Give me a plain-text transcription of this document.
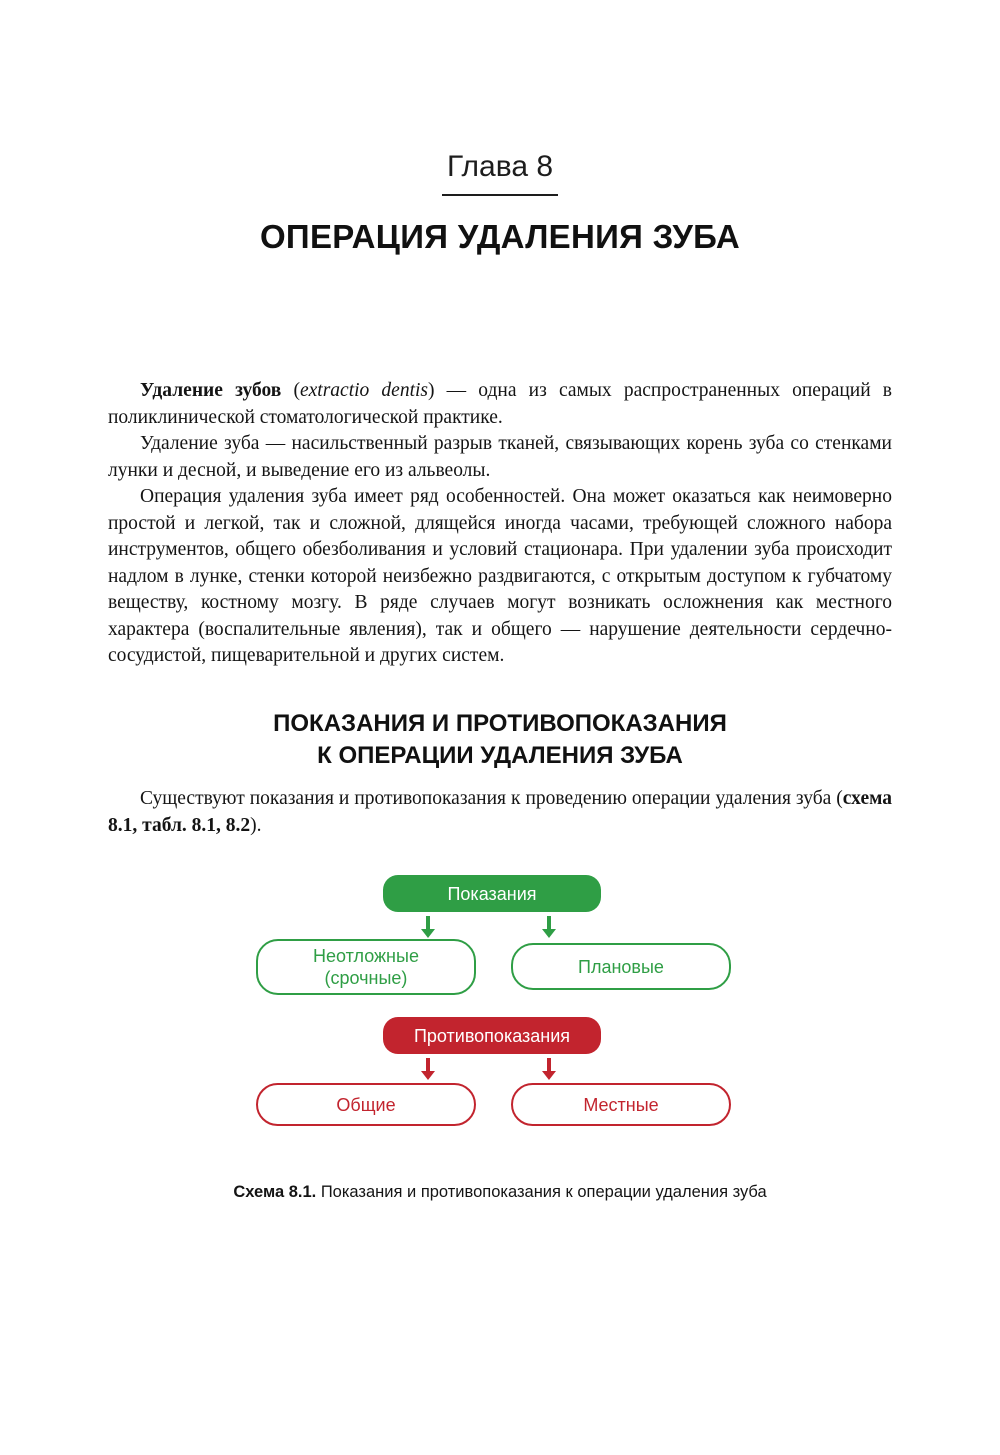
Глава 8
ОПЕРАЦИЯ УДАЛЕНИЯ ЗУБА

Удаление зубов (extractio dentis) — одна из самых распространенных операций в поликлинической стоматологической практике.

Удаление зуба — насильственный разрыв тканей, связывающих корень зуба со стенками лунки и десной, и выведение его из альвеолы.

Операция удаления зуба имеет ряд особенностей. Она может оказаться как неимоверно простой и легкой, так и сложной, длящейся иногда часами, требующей сложного набора инструментов, общего обезболивания и условий стационара. При удалении зуба происходит надлом в лунке, стенки которой неизбежно раздвигаются, с открытым доступом к губчатому веществу, костному мозгу. В ряде случаев могут возникать осложнения как местного характера (воспалительные явления), так и общего — нарушение деятельности сердечно-сосудистой, пищеварительной и других систем.

ПОКАЗАНИЯ И ПРОТИВОПОКАЗАНИЯ
К ОПЕРАЦИИ УДАЛЕНИЯ ЗУБА

Существуют показания и противопоказания к проведению операции удаления зуба (схема 8.1, табл. 8.1, 8.2).

Показания
Неотложные
(срочные)
Плановые
Противопоказания
Общие	Местные
Схема 8.1. Показания и противопоказания к операции удаления зуба
